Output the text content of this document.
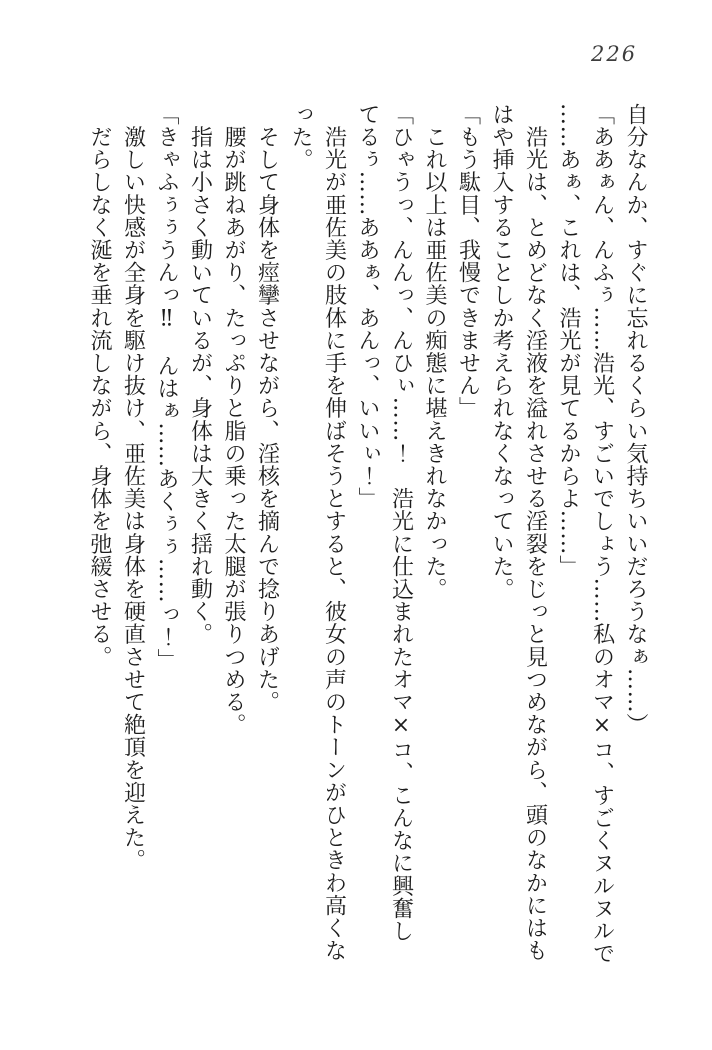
226

自分なんか、すぐに忘れるくらい気持ちいいだろうなぁ……）

「ああぁん、んふぅ……浩光、すごいでしょう……私のオマ×コ、すごくヌルヌルで

……あぁ、これは、浩光が見てるからよ……」

　浩光は、とめどなく淫液を溢れさせる淫裂をじっと見つめながら、頭のなかにはも

はや挿入することしか考えられなくなっていた。

「もう駄目、我慢できません」

　これ以上は亜佐美の痴態に堪えきれなかった。

「ひゃうっ、んんっ、んひぃ……！　浩光に仕込まれたオマ×コ、こんなに興奮し

てるぅ……ああぁ、あんっ、いいぃ！」

　浩光が亜佐美の肢体に手を伸ばそうとすると、彼女の声のトーンがひときわ高くな

った。

　そして身体を痙攣させながら、淫核を摘んで捻りあげた。

　腰が跳ねあがり、たっぷりと脂の乗った太腿が張りつめる。

　指は小さく動いているが、身体は大きく揺れ動く。

「きゃふぅぅうんっ‼　んはぁ……あくぅぅ……っ！」

　激しい快感が全身を駆け抜け、亜佐美は身体を硬直させて絶頂を迎えた。

　だらしなく涎を垂れ流しながら、身体を弛緩させる。
